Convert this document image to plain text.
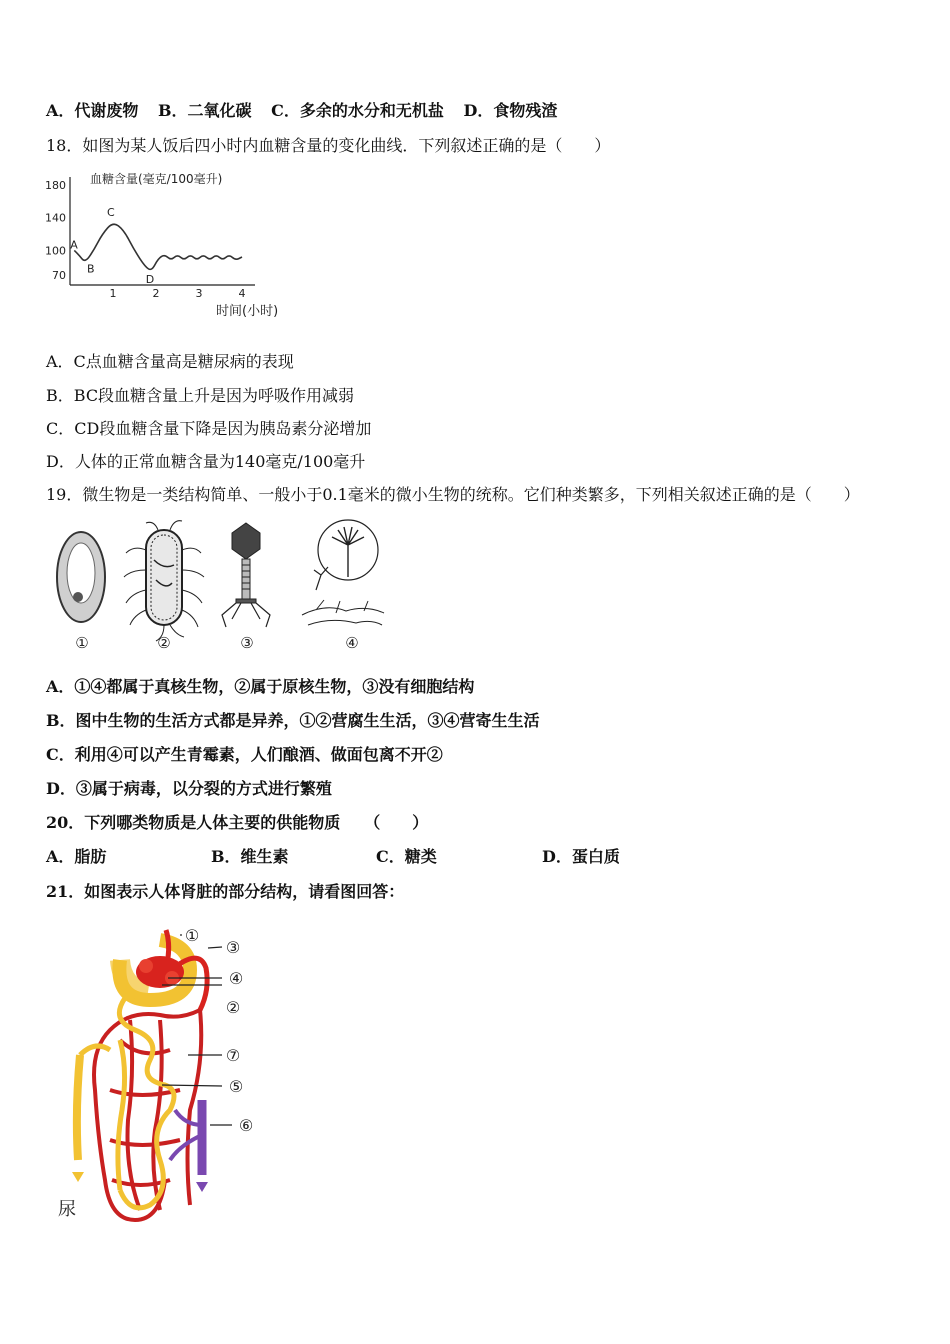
A．代谢废物 B．二氧化碳 C．多余的水分和无机盐 D．食物残渣
18．如图为某人饭后四小时内血糖含量的变化曲线．下列叙述正确的是（　　）
血糖含量(毫克/100毫升)
180
140
100
70
1	2	3	4
A
B
C
D
时间(小时)
A．C点血糖含量高是糖尿病的表现
B．BC段血糖含量上升是因为呼吸作用减弱
C．CD段血糖含量下降是因为胰岛素分泌增加
D．人体的正常血糖含量为140毫克/100毫升
19．微生物是一类结构简单、一般小于0.1毫米的微小生物的统称。它们种类繁多，下列相关叙述正确的是（　　）
①	②	③	④
A．①④都属于真核生物，②属于原核生物，③没有细胞结构
B．图中生物的生活方式都是异养，①②营腐生生活，③④营寄生生活
C．利用④可以产生青霉素，人们酿酒、做面包离不开②
D．③属于病毒，以分裂的方式进行繁殖
20．下列哪类物质是人体主要的供能物质　　（　　）
A．脂肪	B．维生素	C．糖类	D．蛋白质
21．如图表示人体肾脏的部分结构，请看图回答：
尿
①
③
④
②
⑦
⑤
⑥
